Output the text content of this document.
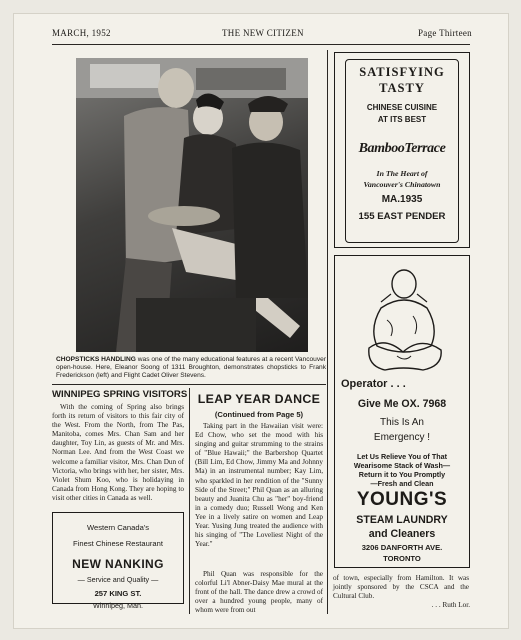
MARCH, 1952	THE NEW CITIZEN	Page Thirteen
CHOPSTICKS HANDLING was one of the many educational features at a recent Vancouver open-house. Here, Eleanor Soong of 1311 Broughton, demonstrates chopsticks to Frank Frederickson (left) and Flight Cadet Oliver Stevens.
WINNIPEG SPRING VISITORS
With the coming of Spring also brings forth its return of visitors to this fair city of the West. From the North, from The Pas, Manitoba, comes Mrs. Chan Sam and her daughter, Toy Lin, as guests of Mr. and Mrs. Norman Lee. And from the West Coast we welcome a familiar visitor, Mrs. Chan Dun of Victoria, who brings with her, her sister, Mrs. Violet Shum Koo, who is holidaying in Canada from Hong Kong. They are hoping to visit other cities in Canada as well.
Western Canada's
Finest Chinese Restaurant
NEW NANKING
— Service and Quality —
257 KING ST.
Winnipeg, Man.
LEAP YEAR DANCE
(Continued from Page 5)
Taking part in the Hawaiian visit were: Ed Chow, who set the mood with his singing and guitar strumming to the strains of "Blue Hawaii;" the Barbershop Quartet (Bill Lim, Ed Chow, Jimmy Ma and Johnny Ma) in an instrumental number; Kay Lim, who sparkled in her rendition of the "Sunny Side of the Street;" Phil Quan as an alluring beauty and Juanita Chu as "her" boy-friend in a comedy duo; Russell Wong and Ken Yee in a lively satire on women and Leap Year. Yusing Jung treated the audience with his singing of "The Loveliest Night of the Year."
Phil Quan was responsible for the colorful Li'l Abner-Daisy Mae mural at the front of the hall. The dance drew a crowd of over a hundred young people, many of whom were from out
of town, especially from Hamilton. It was jointly sponsored by the CSCA and the Cultural Club.
. . . Ruth Lor.
SATISFYING
TASTY
CHINESE CUISINE
AT ITS BEST
BambooTerrace
In The Heart of
Vancouver's Chinatown
MA.1935
155 EAST PENDER
Operator . . .
Give Me OX. 7968
This Is An
Emergency !
Let Us Relieve You of That
Wearisome Stack of Wash—
Return it to You Promptly
—Fresh and Clean
YOUNG'S
STEAM LAUNDRY
and Cleaners
3206 DANFORTH AVE.
TORONTO
